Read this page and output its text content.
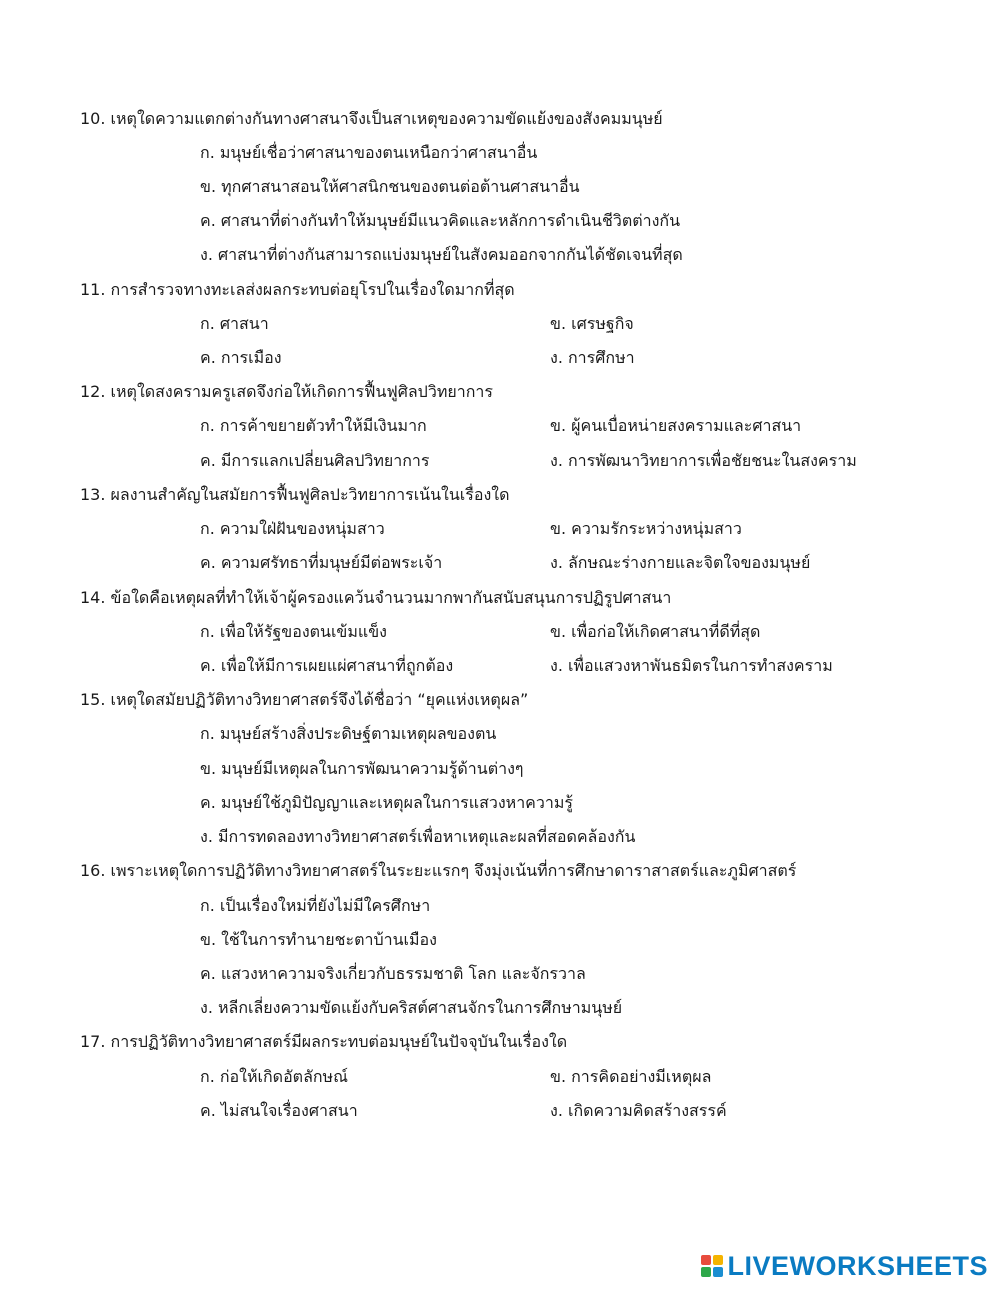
10. เหตุใดความแตกต่างกันทางศาสนาจึงเป็นสาเหตุของความขัดแย้งของสังคมมนุษย์
ก. มนุษย์เชื่อว่าศาสนาของตนเหนือกว่าศาสนาอื่น
ข. ทุกศาสนาสอนให้ศาสนิกชนของตนต่อต้านศาสนาอื่น
ค. ศาสนาที่ต่างกันทำให้มนุษย์มีแนวคิดและหลักการดำเนินชีวิตต่างกัน
ง. ศาสนาที่ต่างกันสามารถแบ่งมนุษย์ในสังคมออกจากกันได้ชัดเจนที่สุด
11. การสำรวจทางทะเลส่งผลกระทบต่อยุโรปในเรื่องใดมากที่สุด
ก. ศาสนา	ข. เศรษฐกิจ
ค. การเมือง	ง. การศึกษา
12. เหตุใดสงครามครูเสดจึงก่อให้เกิดการฟื้นฟูศิลปวิทยาการ
ก. การค้าขยายตัวทำให้มีเงินมาก	ข. ผู้คนเบื่อหน่ายสงครามและศาสนา
ค. มีการแลกเปลี่ยนศิลปวิทยาการ	ง. การพัฒนาวิทยาการเพื่อชัยชนะในสงคราม
13. ผลงานสำคัญในสมัยการฟื้นฟูศิลปะวิทยาการเน้นในเรื่องใด
ก. ความใฝ่ฝันของหนุ่มสาว	ข. ความรักระหว่างหนุ่มสาว
ค. ความศรัทธาที่มนุษย์มีต่อพระเจ้า	ง. ลักษณะร่างกายและจิตใจของมนุษย์
14. ข้อใดคือเหตุผลที่ทำให้เจ้าผู้ครองแคว้นจำนวนมากพากันสนับสนุนการปฏิรูปศาสนา
ก. เพื่อให้รัฐของตนเข้มแข็ง	ข. เพื่อก่อให้เกิดศาสนาที่ดีที่สุด
ค. เพื่อให้มีการเผยแผ่ศาสนาที่ถูกต้อง	ง. เพื่อแสวงหาพันธมิตรในการทำสงคราม
15. เหตุใดสมัยปฏิวัติทางวิทยาศาสตร์จึงได้ชื่อว่า “ยุคแห่งเหตุผล”
ก. มนุษย์สร้างสิ่งประดิษฐ์ตามเหตุผลของตน
ข. มนุษย์มีเหตุผลในการพัฒนาความรู้ด้านต่างๆ
ค. มนุษย์ใช้ภูมิปัญญาและเหตุผลในการแสวงหาความรู้
ง. มีการทดลองทางวิทยาศาสตร์เพื่อหาเหตุและผลที่สอดคล้องกัน
16. เพราะเหตุใดการปฏิวัติทางวิทยาศาสตร์ในระยะแรกๆ จึงมุ่งเน้นที่การศึกษาดาราสาสตร์และภูมิศาสตร์
ก. เป็นเรื่องใหม่ที่ยังไม่มีใครศึกษา
ข. ใช้ในการทำนายชะตาบ้านเมือง
ค. แสวงหาความจริงเกี่ยวกับธรรมชาติ โลก และจักรวาล
ง. หลีกเลี่ยงความขัดแย้งกับคริสต์ศาสนจักรในการศึกษามนุษย์
17. การปฏิวัติทางวิทยาศาสตร์มีผลกระทบต่อมนุษย์ในปัจจุบันในเรื่องใด
ก. ก่อให้เกิดอัตลักษณ์	ข. การคิดอย่างมีเหตุผล
ค. ไม่สนใจเรื่องศาสนา	ง. เกิดความคิดสร้างสรรค์
LIVEWORKSHEETS
